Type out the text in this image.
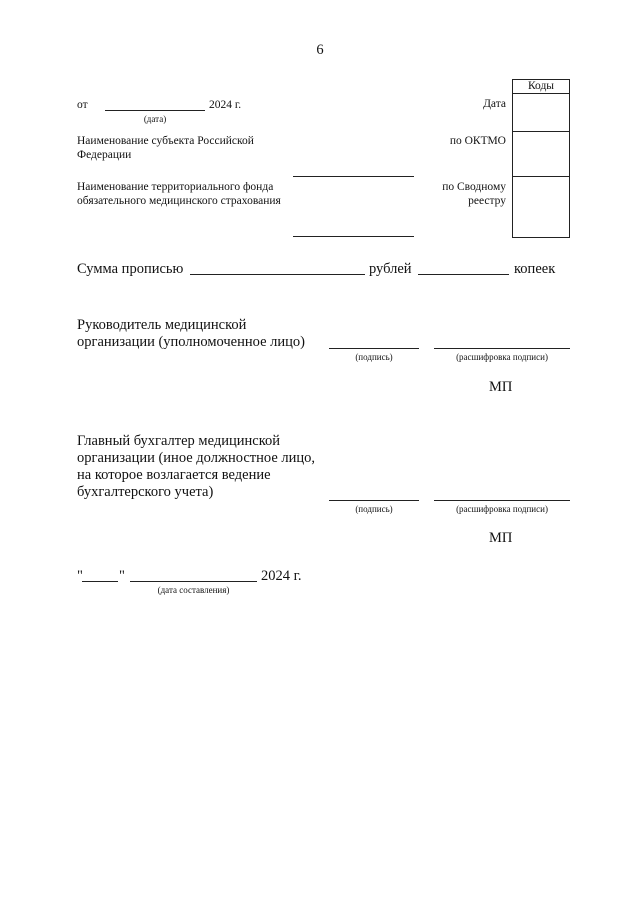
6
Коды
от	2024 г.
(дата)
Дата
Наименование субъекта Российской Федерации
по ОКТМО
Наименование территориального фонда обязательного медицинского страхования
по Сводному реестру
Сумма прописью	рублей	копеек
Руководитель медицинской организации (уполномоченное лицо)
(подпись)	(расшифровка подписи)
МП
Главный бухгалтер медицинской организации (иное должностное лицо, на которое возлагается ведение бухгалтерского учета)
(подпись)	(расшифровка подписи)
МП
" "	2024 г.
(дата составления)
